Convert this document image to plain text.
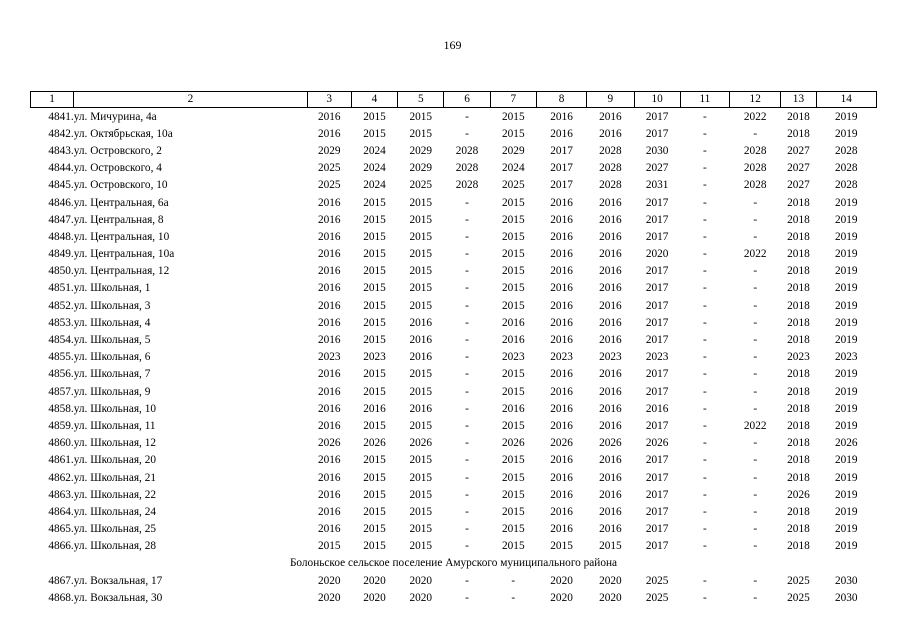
169
1	2	3	4	5	6	7	8	9	10	11	12	13	14
4841.	ул. Мичурина, 4а	2016	2015	2015	-	2015	2016	2016	2017	-	2022	2018	2019
4842.	ул. Октябрьская, 10а	2016	2015	2015	-	2015	2016	2016	2017	-	-	2018	2019
4843.	ул. Островского, 2	2029	2024	2029	2028	2029	2017	2028	2030	-	2028	2027	2028
4844.	ул. Островского, 4	2025	2024	2029	2028	2024	2017	2028	2027	-	2028	2027	2028
4845.	ул. Островского, 10	2025	2024	2025	2028	2025	2017	2028	2031	-	2028	2027	2028
4846.	ул. Центральная, 6а	2016	2015	2015	-	2015	2016	2016	2017	-	-	2018	2019
4847.	ул. Центральная, 8	2016	2015	2015	-	2015	2016	2016	2017	-	-	2018	2019
4848.	ул. Центральная, 10	2016	2015	2015	-	2015	2016	2016	2017	-	-	2018	2019
4849.	ул. Центральная, 10а	2016	2015	2015	-	2015	2016	2016	2020	-	2022	2018	2019
4850.	ул. Центральная, 12	2016	2015	2015	-	2015	2016	2016	2017	-	-	2018	2019
4851.	ул. Школьная, 1	2016	2015	2015	-	2015	2016	2016	2017	-	-	2018	2019
4852.	ул. Школьная, 3	2016	2015	2015	-	2015	2016	2016	2017	-	-	2018	2019
4853.	ул. Школьная, 4	2016	2015	2016	-	2016	2016	2016	2017	-	-	2018	2019
4854.	ул. Школьная, 5	2016	2015	2016	-	2016	2016	2016	2017	-	-	2018	2019
4855.	ул. Школьная, 6	2023	2023	2016	-	2023	2023	2023	2023	-	-	2023	2023
4856.	ул. Школьная, 7	2016	2015	2015	-	2015	2016	2016	2017	-	-	2018	2019
4857.	ул. Школьная, 9	2016	2015	2015	-	2015	2016	2016	2017	-	-	2018	2019
4858.	ул. Школьная, 10	2016	2016	2016	-	2016	2016	2016	2016	-	-	2018	2019
4859.	ул. Школьная, 11	2016	2015	2015	-	2015	2016	2016	2017	-	2022	2018	2019
4860.	ул. Школьная, 12	2026	2026	2026	-	2026	2026	2026	2026	-	-	2018	2026
4861.	ул. Школьная, 20	2016	2015	2015	-	2015	2016	2016	2017	-	-	2018	2019
4862.	ул. Школьная, 21	2016	2015	2015	-	2015	2016	2016	2017	-	-	2018	2019
4863.	ул. Школьная, 22	2016	2015	2015	-	2015	2016	2016	2017	-	-	2026	2019
4864.	ул. Школьная, 24	2016	2015	2015	-	2015	2016	2016	2017	-	-	2018	2019
4865.	ул. Школьная, 25	2016	2015	2015	-	2015	2016	2016	2017	-	-	2018	2019
4866.	ул. Школьная, 28	2015	2015	2015	-	2015	2015	2015	2017	-	-	2018	2019
Болоньское сельское поселение Амурского муниципального района													
4867.	ул. Вокзальная, 17	2020	2020	2020	-	-	2020	2020	2025	-	-	2025	2030
4868.	ул. Вокзальная, 30	2020	2020	2020	-	-	2020	2020	2025	-	-	2025	2030
